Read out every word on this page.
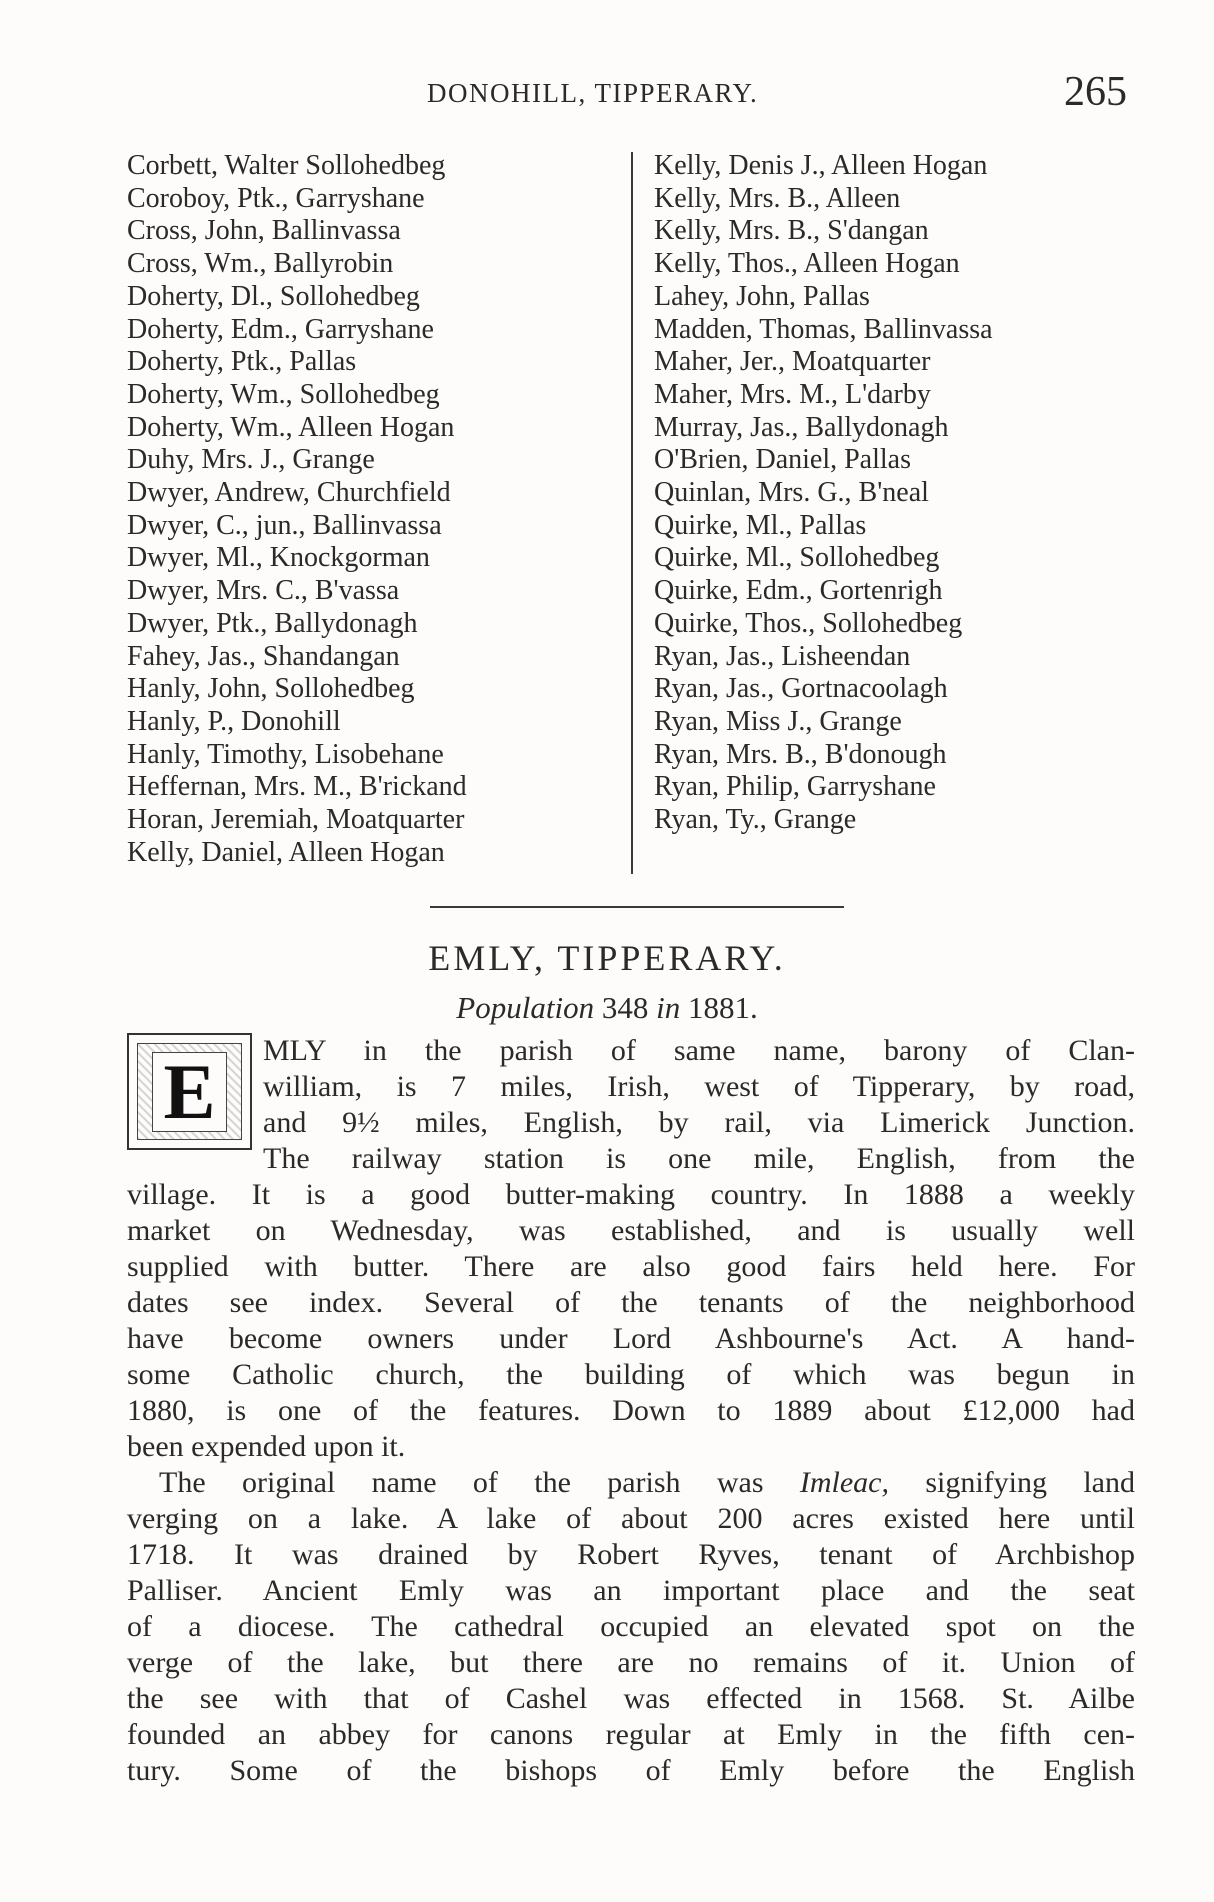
DONOHILL, TIPPERARY.	265
Corbett, Walter Sollohedbeg
Coroboy, Ptk., Garryshane
Cross, John, Ballinvassa
Cross, Wm., Ballyrobin
Doherty, Dl., Sollohedbeg
Doherty, Edm., Garryshane
Doherty, Ptk., Pallas
Doherty, Wm., Sollohedbeg
Doherty, Wm., Alleen Hogan
Duhy, Mrs. J., Grange
Dwyer, Andrew, Churchfield
Dwyer, C., jun., Ballinvassa
Dwyer, Ml., Knockgorman
Dwyer, Mrs. C., B'vassa
Dwyer, Ptk., Ballydonagh
Fahey, Jas., Shandangan
Hanly, John, Sollohedbeg
Hanly, P., Donohill
Hanly, Timothy, Lisobehane
Heffernan, Mrs. M., B'rickand
Horan, Jeremiah, Moatquarter
Kelly, Daniel, Alleen Hogan
Kelly, Denis J., Alleen Hogan
Kelly, Mrs. B., Alleen
Kelly, Mrs. B., S'dangan
Kelly, Thos., Alleen Hogan
Lahey, John, Pallas
Madden, Thomas, Ballinvassa
Maher, Jer., Moatquarter
Maher, Mrs. M., L'darby
Murray, Jas., Ballydonagh
O'Brien, Daniel, Pallas
Quinlan, Mrs. G., B'neal
Quirke, Ml., Pallas
Quirke, Ml., Sollohedbeg
Quirke, Edm., Gortenrigh
Quirke, Thos., Sollohedbeg
Ryan, Jas., Lisheendan
Ryan, Jas., Gortnacoolagh
Ryan, Miss J., Grange
Ryan, Mrs. B., B'donough
Ryan, Philip, Garryshane
Ryan, Ty., Grange
EMLY, TIPPERARY.
Population 348 in 1881.
E	MLY in the parish of same name, barony of Clan-
william, is 7 miles, Irish, west of Tipperary, by road,
and 9½ miles, English, by rail, via Limerick Junction.
The railway station is one mile, English, from the
village. It is a good butter-making country. In 1888 a weekly
market on Wednesday, was established, and is usually well
supplied with butter. There are also good fairs held here. For
dates see index. Several of the tenants of the neighborhood
have become owners under Lord Ashbourne's Act. A hand-
some Catholic church, the building of which was begun in
1880, is one of the features. Down to 1889 about £12,000 had
been expended upon it.
The original name of the parish was Imleac, signifying land
verging on a lake. A lake of about 200 acres existed here until
1718. It was drained by Robert Ryves, tenant of Archbishop
Palliser. Ancient Emly was an important place and the seat
of a diocese. The cathedral occupied an elevated spot on the
verge of the lake, but there are no remains of it. Union of
the see with that of Cashel was effected in 1568. St. Ailbe
founded an abbey for canons regular at Emly in the fifth cen-
tury. Some of the bishops of Emly before the English
